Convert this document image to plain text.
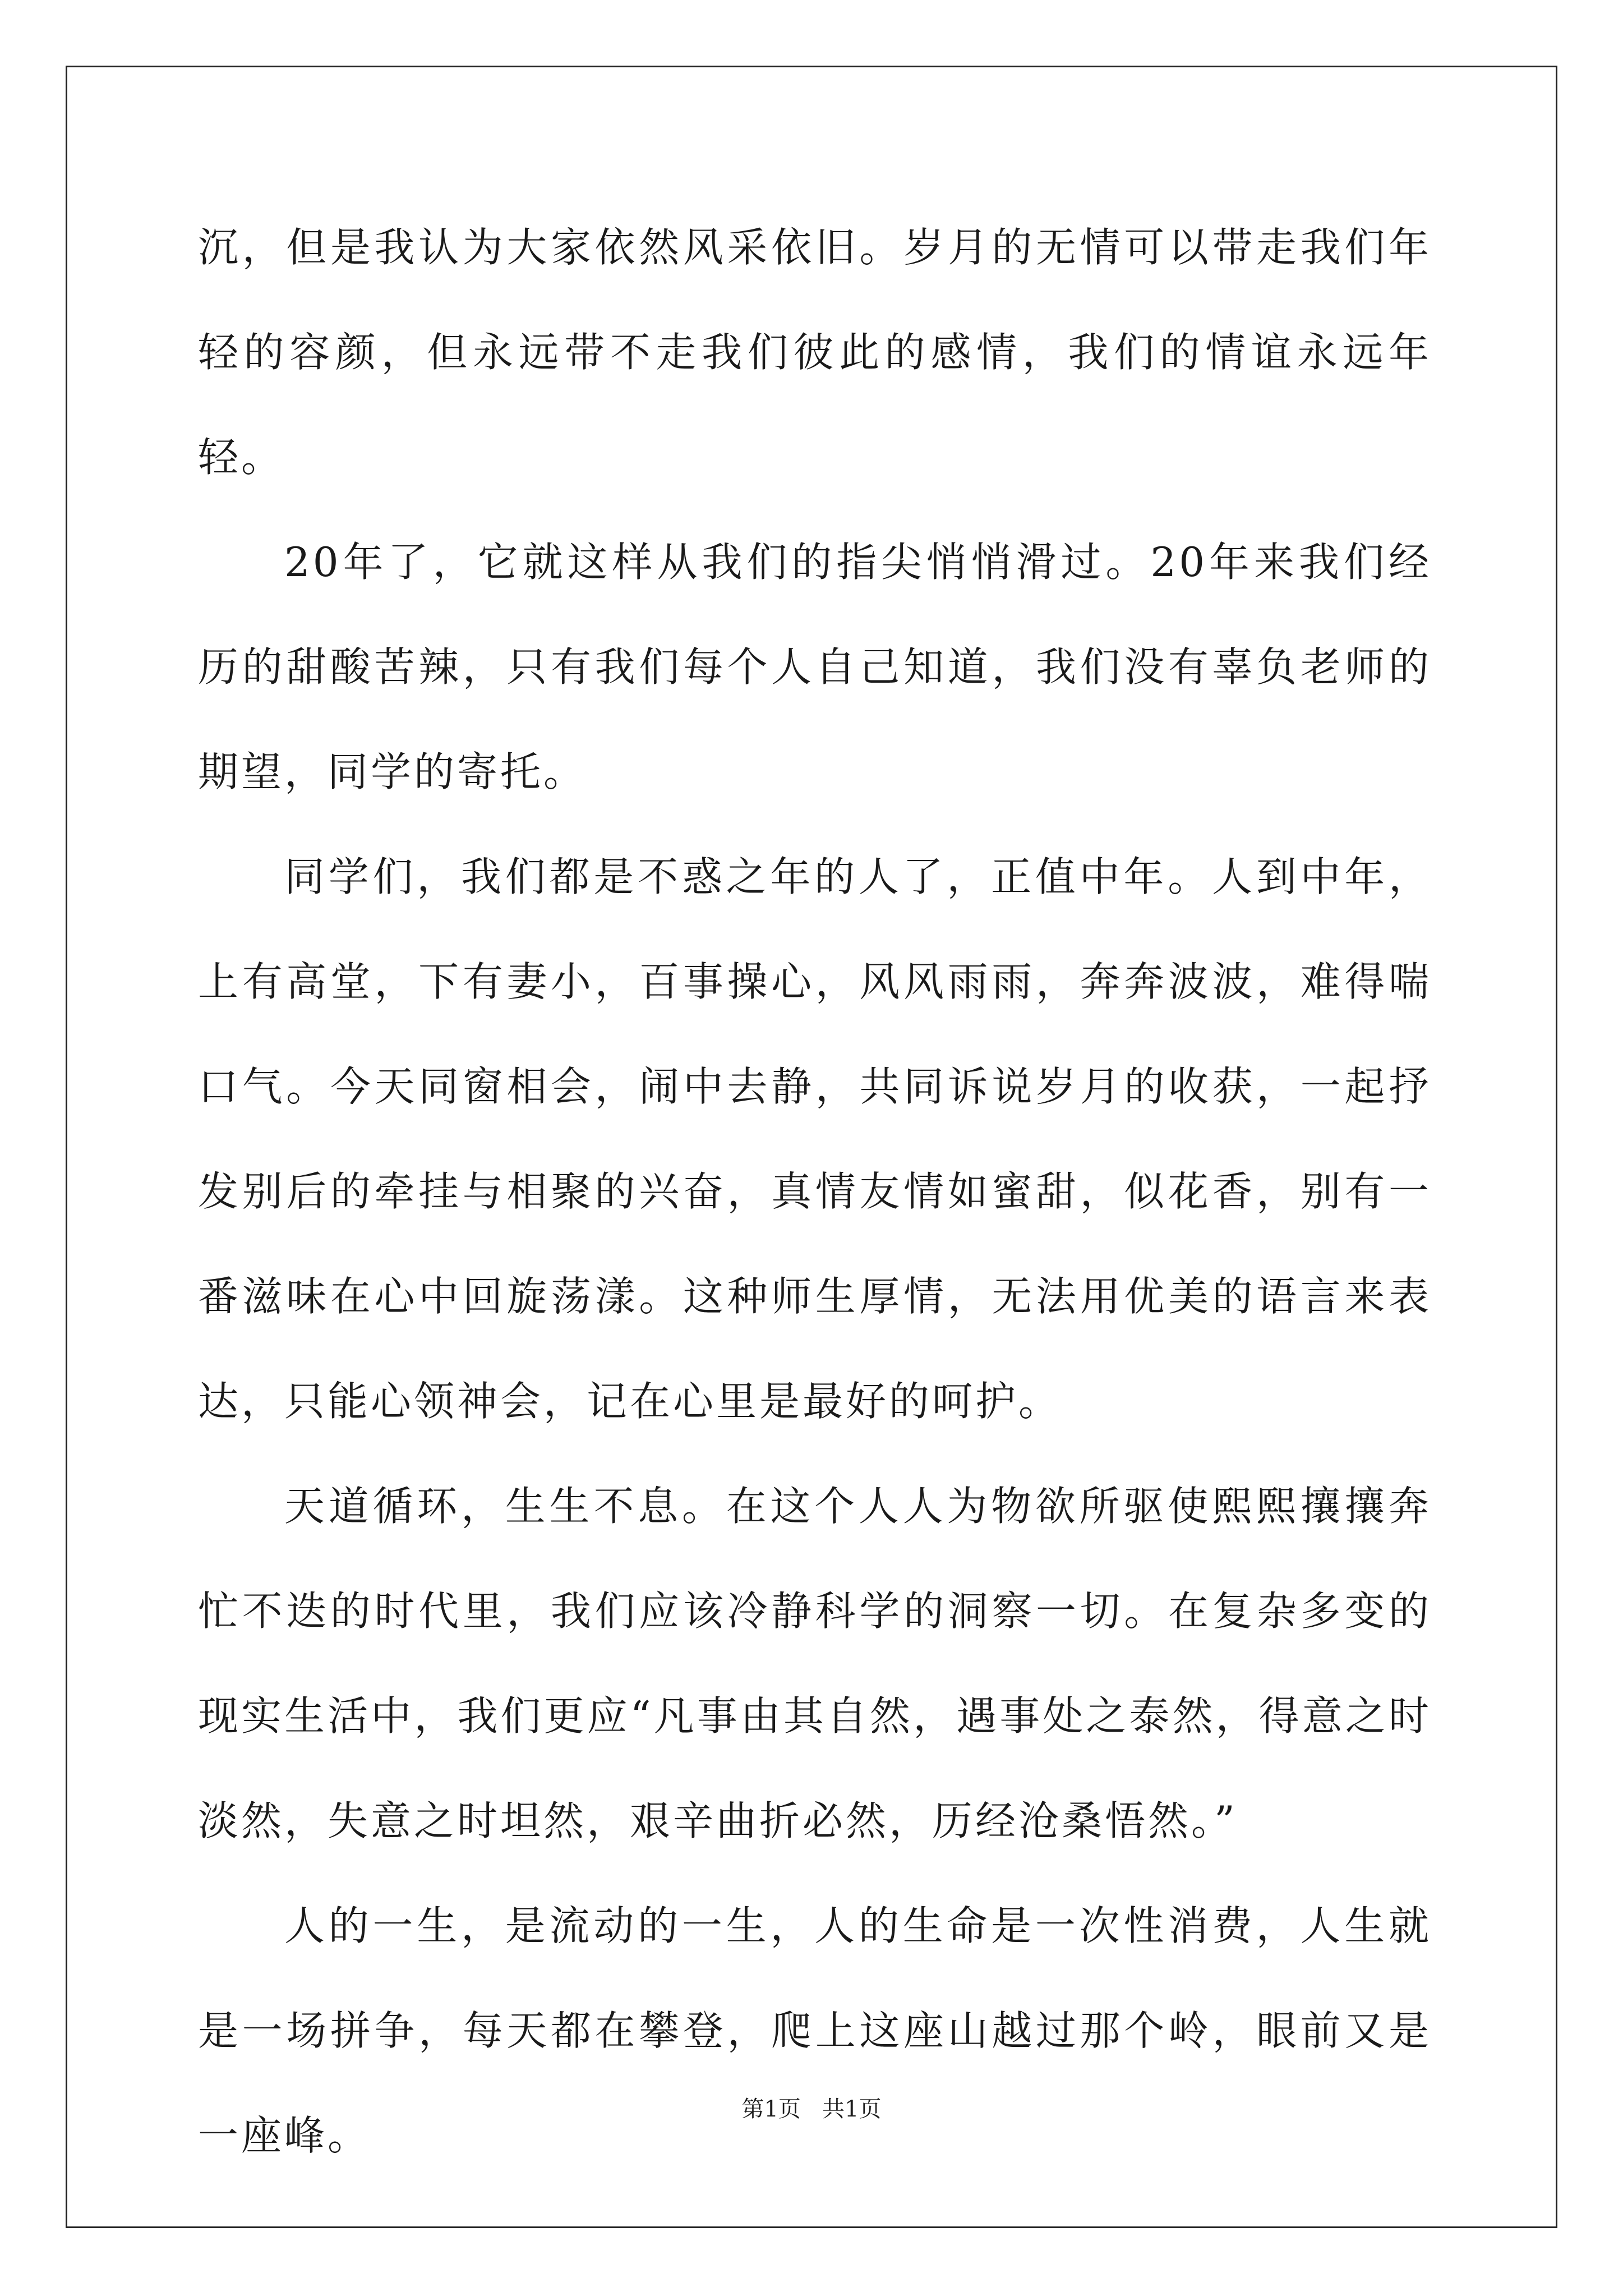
沉，但是我认为大家依然风采依旧。岁月的无情可以带走我们年轻的容颜，但永远带不走我们彼此的感情，我们的情谊永远年轻。

20年了，它就这样从我们的指尖悄悄滑过。20年来我们经历的甜酸苦辣，只有我们每个人自己知道，我们没有辜负老师的期望，同学的寄托。

同学们，我们都是不惑之年的人了，正值中年。人到中年，上有高堂，下有妻小，百事操心，风风雨雨，奔奔波波，难得喘口气。今天同窗相会，闹中去静，共同诉说岁月的收获，一起抒发别后的牵挂与相聚的兴奋，真情友情如蜜甜，似花香，别有一番滋味在心中回旋荡漾。这种师生厚情，无法用优美的语言来表达，只能心领神会，记在心里是最好的呵护。

天道循环，生生不息。在这个人人为物欲所驱使熙熙攘攘奔忙不迭的时代里，我们应该冷静科学的洞察一切。在复杂多变的现实生活中，我们更应“凡事由其自然，遇事处之泰然，得意之时淡然，失意之时坦然，艰辛曲折必然，历经沧桑悟然。”

人的一生，是流动的一生，人的生命是一次性消费，人生就是一场拼争，每天都在攀登，爬上这座山越过那个岭，眼前又是一座峰。

第1页   共1页
